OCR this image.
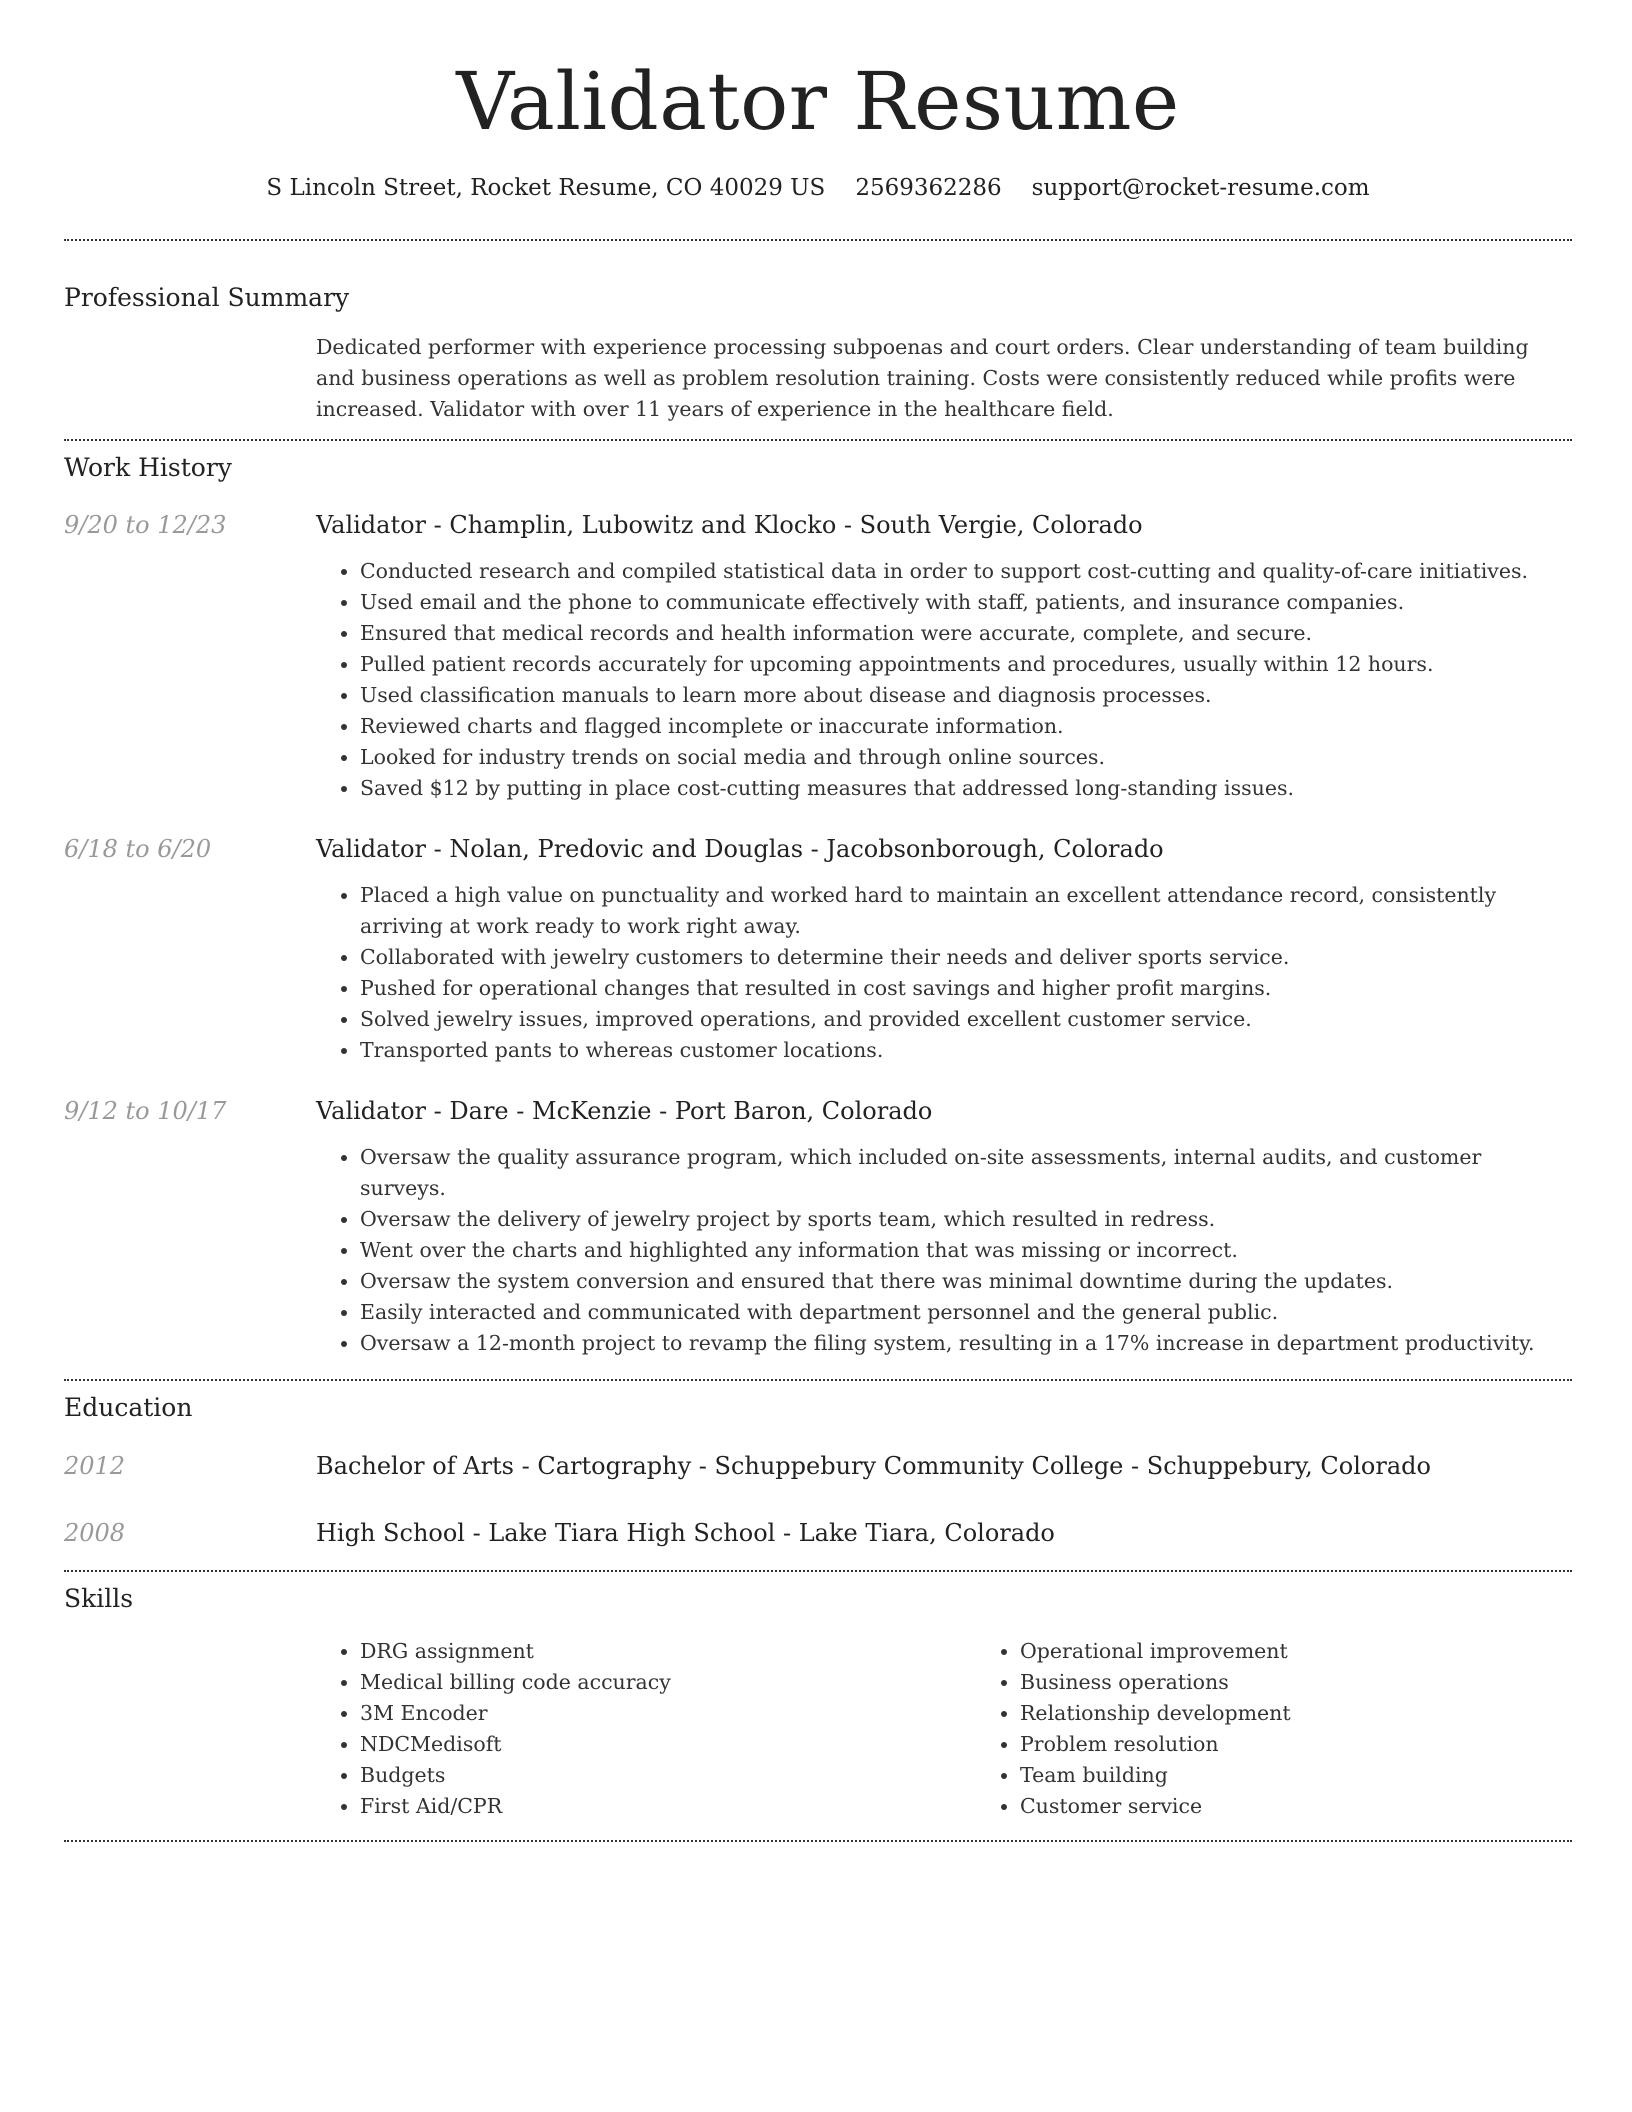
Validator Resume
S Lincoln Street, Rocket Resume, CO 40029 US 2569362286 support@rocket-resume.com
Professional Summary

Dedicated performer with experience processing subpoenas and court orders. Clear understanding of team building and business operations as well as problem resolution training. Costs were consistently reduced while profits were increased. Validator with over 11 years of experience in the healthcare field.

Work History
9/20 to 12/23	Validator - Champlin, Lubowitz and Klocko - South Vergie, Colorado
• Conducted research and compiled statistical data in order to support cost-cutting and quality-of-care initiatives.
• Used email and the phone to communicate effectively with staff, patients, and insurance companies.
• Ensured that medical records and health information were accurate, complete, and secure.
• Pulled patient records accurately for upcoming appointments and procedures, usually within 12 hours.
• Used classification manuals to learn more about disease and diagnosis processes.
• Reviewed charts and flagged incomplete or inaccurate information.
• Looked for industry trends on social media and through online sources.
• Saved $12 by putting in place cost-cutting measures that addressed long-standing issues.
6/18 to 6/20	Validator - Nolan, Predovic and Douglas - Jacobsonborough, Colorado
• Placed a high value on punctuality and worked hard to maintain an excellent attendance record, consistently arriving at work ready to work right away.
• Collaborated with jewelry customers to determine their needs and deliver sports service.
• Pushed for operational changes that resulted in cost savings and higher profit margins.
• Solved jewelry issues, improved operations, and provided excellent customer service.
• Transported pants to whereas customer locations.
9/12 to 10/17	Validator - Dare - McKenzie - Port Baron, Colorado
• Oversaw the quality assurance program, which included on-site assessments, internal audits, and customer surveys.
• Oversaw the delivery of jewelry project by sports team, which resulted in redress.
• Went over the charts and highlighted any information that was missing or incorrect.
• Oversaw the system conversion and ensured that there was minimal downtime during the updates.
• Easily interacted and communicated with department personnel and the general public.
• Oversaw a 12-month project to revamp the filing system, resulting in a 17% increase in department productivity.
Education
2012	Bachelor of Arts - Cartography - Schuppebury Community College - Schuppebury, Colorado
2008	High School - Lake Tiara High School - Lake Tiara, Colorado
Skills
• DRG assignment
• Medical billing code accuracy
• 3M Encoder
• NDCMedisoft
• Budgets
• First Aid/CPR
• Operational improvement
• Business operations
• Relationship development
• Problem resolution
• Team building
• Customer service
